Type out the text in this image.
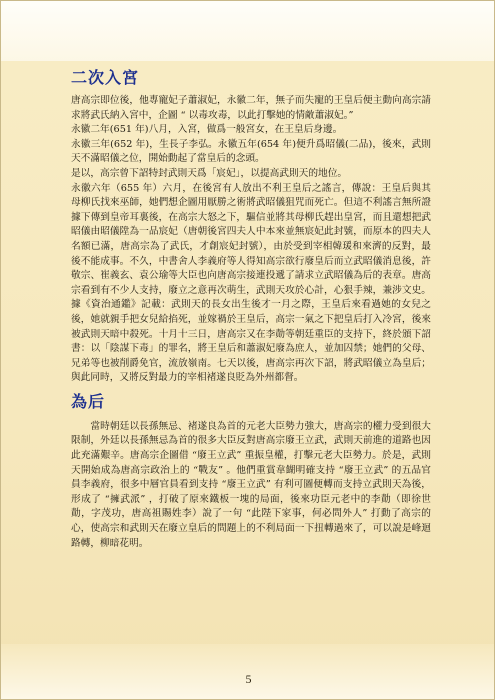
二次入宮

唐高宗即位後，他專寵妃子蕭淑妃，永徽二年，無子而失寵的王皇后便主動向高宗請求將武氏納入宮中，企圖 “ 以毒攻毒，以此打擊她的情敵蕭淑妃。”

永徽二年(651 年)八月，入宮，做爲一般宮女，在王皇后身邊。

永徽三年(652 年)，生長子李弘。永徽五年(654 年)便升爲昭儀(二品)，後來，武則天不滿昭儀之位，開始動起了當皇后的念頭。

是以，高宗曾下詔特封武則天爲「宸妃」，以提高武則天的地位。

永徽六年（655 年）六月，在後宮有人放出不利王皇后之謠言，傳說：王皇后與其母柳氏找來巫師，她們想企圖用厭勝之術將武昭儀狙咒而死亡。但這不利謠言無所證據下傳到皇帝耳裏後，在高宗大怒之下，驅信並將其母柳氏趕出皇宮，而且還想把武昭儀由昭儀陞為一品宸妃（唐朝後宮四夫人中本來並無宸妃此封號，而原本的四夫人名額已滿，唐高宗為了武氏，才創宸妃封號），由於受到宰相韓瑗和來濟的反對，最後不能成事。不久，中書舍人李義府等人得知高宗欲行廢皇后而立武昭儀消息後，許敬宗、崔義玄、袁公瑜等大臣也向唐高宗接連投遞了請求立武昭儀為后的表章。唐高宗看到有不少人支持，廢立之意再次萌生，武則天攻於心計，心狠手辣，兼涉文史。據《資治通鑑》記載：武則天的長女出生後才一月之際，王皇后來看過她的女兒之後，她就親手把女兒給掐死，並嫁禍於王皇后，高宗一氣之下把皇后打入冷宮，後來被武則天暗中殺死。十月十三日，唐高宗又在李勣等朝廷重臣的支持下，終於頒下詔書：以「陰謀下毒」的罪名，將王皇后和蕭淑妃廢為庶人，並加囚禁；她們的父母、兄弟等也被削爵免官，流放嶺南。七天以後，唐高宗再次下詔，將武昭儀立為皇后；與此同時，又將反對最力的宰相褚遂良貶為外州都督。

為后

當時朝廷以長孫無忌、褚遂良為首的元老大臣勢力強大，唐高宗的權力受到很大限制，外廷以長孫無忌為首的很多大臣反對唐高宗廢王立武，武則天前進的道路也因此充滿艱辛。唐高宗企圖借 “廢王立武” 重振皇權，打擊元老大臣勢力。於是，武則天開始成為唐高宗政治上的 “戰友” 。他們重賞韋餬明確支持 “廢王立武” 的五品官員李義府，很多中層官員看到支持 “廢王立武” 有利可圖便轉而支持立武則天為後，形成了 “擁武派” ，打破了原來鐵板一塊的局面，後來功臣元老中的李勣（即徐世勣，字茂功，唐高祖賜姓李）說了一句 “此陛下家事，何必問外人” 打動了高宗的心，使高宗和武則天在廢立皇后的問題上的不利局面一下扭轉過來了，可以說是峰迴路轉，柳暗花明。

5
